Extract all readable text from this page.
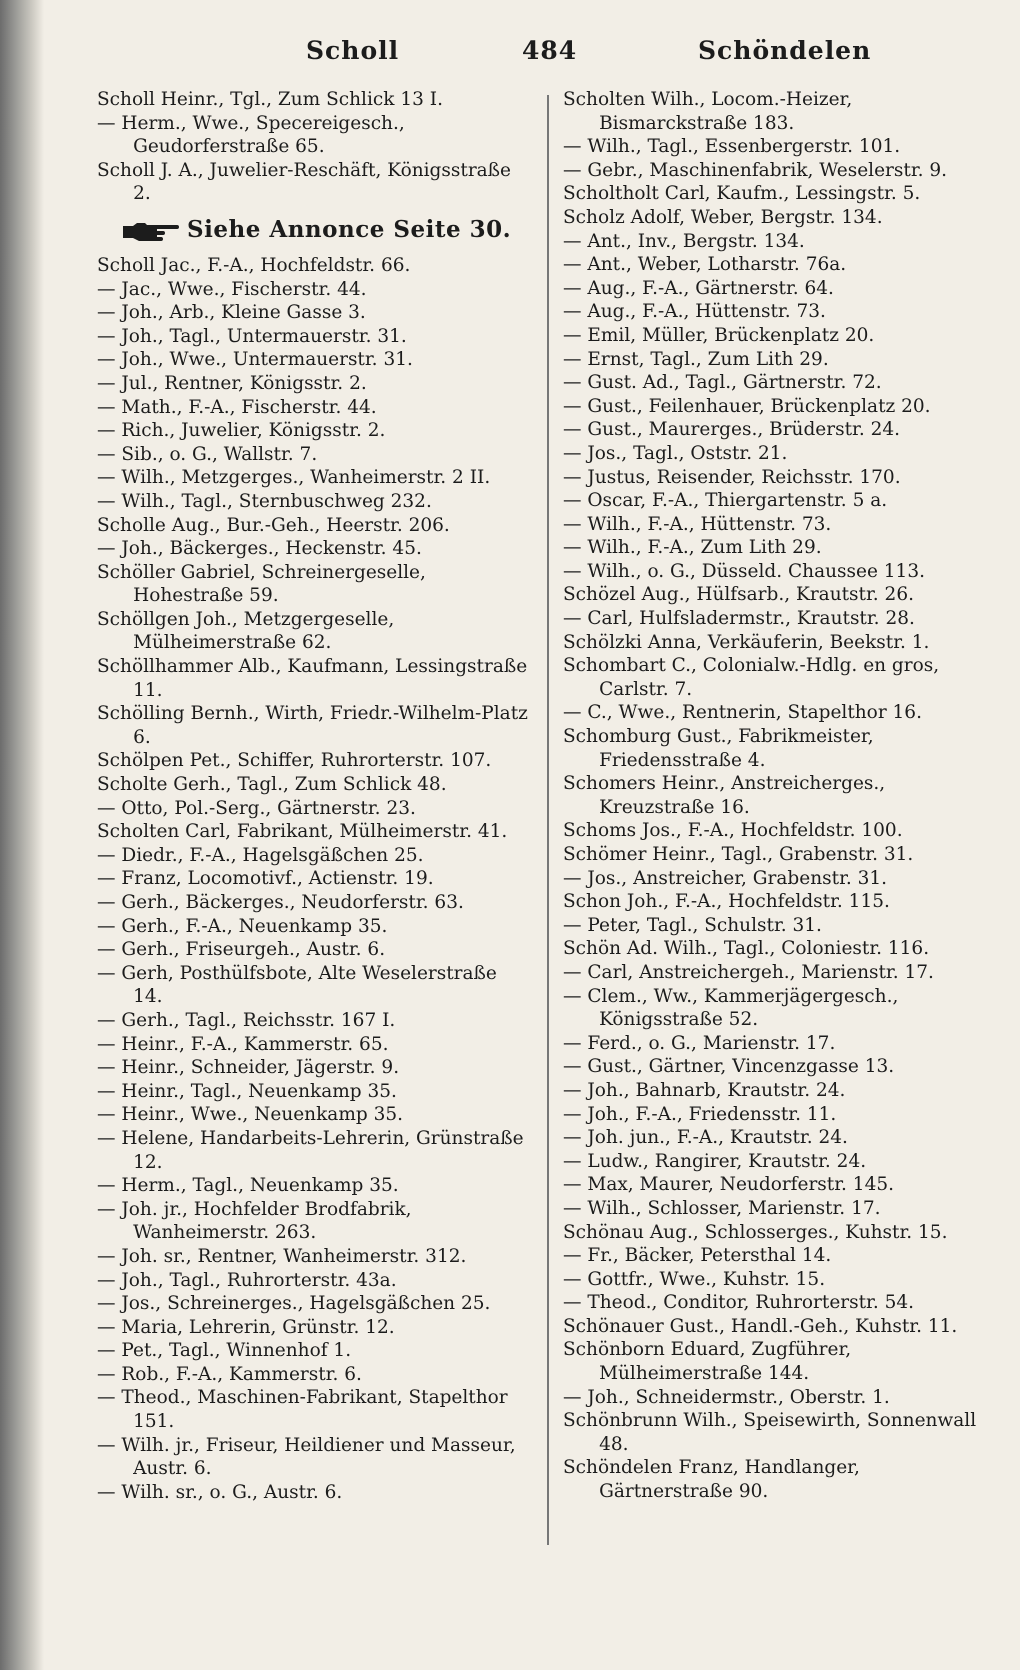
Scholl	484	Schöndelen

Scholl Heinr., Tgl., Zum Schlick 13 I.

— Herm., Wwe., Specereigesch., Geudorferstraße 65.

Scholl J. A., Juwelier-Reschäft, Königsstraße 2.

Siehe Annonce Seite 30.

Scholl Jac., F.-A., Hochfeldstr. 66.

— Jac., Wwe., Fischerstr. 44.

— Joh., Arb., Kleine Gasse 3.

— Joh., Tagl., Untermauerstr. 31.

— Joh., Wwe., Untermauerstr. 31.

— Jul., Rentner, Königsstr. 2.

— Math., F.-A., Fischerstr. 44.

— Rich., Juwelier, Königsstr. 2.

— Sib., o. G., Wallstr. 7.

— Wilh., Metzgerges., Wanheimerstr. 2 II.

— Wilh., Tagl., Sternbuschweg 232.

Scholle Aug., Bur.-Geh., Heerstr. 206.

— Joh., Bäckerges., Heckenstr. 45.

Schöller Gabriel, Schreinergeselle, Hohestraße 59.

Schöllgen Joh., Metzgergeselle, Mülheimerstraße 62.

Schöllhammer Alb., Kaufmann, Lessingstraße 11.

Schölling Bernh., Wirth, Friedr.-Wilhelm-Platz 6.

Schölpen Pet., Schiffer, Ruhrorterstr. 107.

Scholte Gerh., Tagl., Zum Schlick 48.

— Otto, Pol.-Serg., Gärtnerstr. 23.

Scholten Carl, Fabrikant, Mülheimerstr. 41.

— Diedr., F.-A., Hagelsgäßchen 25.

— Franz, Locomotivf., Actienstr. 19.

— Gerh., Bäckerges., Neudorferstr. 63.

— Gerh., F.-A., Neuenkamp 35.

— Gerh., Friseurgeh., Austr. 6.

— Gerh, Posthülfsbote, Alte Weselerstraße 14.

— Gerh., Tagl., Reichsstr. 167 I.

— Heinr., F.-A., Kammerstr. 65.

— Heinr., Schneider, Jägerstr. 9.

— Heinr., Tagl., Neuenkamp 35.

— Heinr., Wwe., Neuenkamp 35.

— Helene, Handarbeits-Lehrerin, Grünstraße 12.

— Herm., Tagl., Neuenkamp 35.

— Joh. jr., Hochfelder Brodfabrik, Wanheimerstr. 263.

— Joh. sr., Rentner, Wanheimerstr. 312.

— Joh., Tagl., Ruhrorterstr. 43a.

— Jos., Schreinerges., Hagelsgäßchen 25.

— Maria, Lehrerin, Grünstr. 12.

— Pet., Tagl., Winnenhof 1.

— Rob., F.-A., Kammerstr. 6.

— Theod., Maschinen-Fabrikant, Stapelthor 151.

— Wilh. jr., Friseur, Heildiener und Masseur, Austr. 6.

— Wilh. sr., o. G., Austr. 6.

Scholten Wilh., Locom.-Heizer, Bismarckstraße 183.

— Wilh., Tagl., Essenbergerstr. 101.

— Gebr., Maschinenfabrik, Weselerstr. 9.

Scholtholt Carl, Kaufm., Lessingstr. 5.

Scholz Adolf, Weber, Bergstr. 134.

— Ant., Inv., Bergstr. 134.

— Ant., Weber, Lotharstr. 76a.

— Aug., F.-A., Gärtnerstr. 64.

— Aug., F.-A., Hüttenstr. 73.

— Emil, Müller, Brückenplatz 20.

— Ernst, Tagl., Zum Lith 29.

— Gust. Ad., Tagl., Gärtnerstr. 72.

— Gust., Feilenhauer, Brückenplatz 20.

— Gust., Maurerges., Brüderstr. 24.

— Jos., Tagl., Oststr. 21.

— Justus, Reisender, Reichsstr. 170.

— Oscar, F.-A., Thiergartenstr. 5 a.

— Wilh., F.-A., Hüttenstr. 73.

— Wilh., F.-A., Zum Lith 29.

— Wilh., o. G., Düsseld. Chaussee 113.

Schözel Aug., Hülfsarb., Krautstr. 26.

— Carl, Hulfsladermstr., Krautstr. 28.

Schölzki Anna, Verkäuferin, Beekstr. 1.

Schombart C., Colonialw.-Hdlg. en gros, Carlstr. 7.

— C., Wwe., Rentnerin, Stapelthor 16.

Schomburg Gust., Fabrikmeister, Friedensstraße 4.

Schomers Heinr., Anstreicherges., Kreuzstraße 16.

Schoms Jos., F.-A., Hochfeldstr. 100.

Schömer Heinr., Tagl., Grabenstr. 31.

— Jos., Anstreicher, Grabenstr. 31.

Schon Joh., F.-A., Hochfeldstr. 115.

— Peter, Tagl., Schulstr. 31.

Schön Ad. Wilh., Tagl., Coloniestr. 116.

— Carl, Anstreichergeh., Marienstr. 17.

— Clem., Ww., Kammerjägergesch., Königsstraße 52.

— Ferd., o. G., Marienstr. 17.

— Gust., Gärtner, Vincenzgasse 13.

— Joh., Bahnarb, Krautstr. 24.

— Joh., F.-A., Friedensstr. 11.

— Joh. jun., F.-A., Krautstr. 24.

— Ludw., Rangirer, Krautstr. 24.

— Max, Maurer, Neudorferstr. 145.

— Wilh., Schlosser, Marienstr. 17.

Schönau Aug., Schlosserges., Kuhstr. 15.

— Fr., Bäcker, Petersthal 14.

— Gottfr., Wwe., Kuhstr. 15.

— Theod., Conditor, Ruhrorterstr. 54.

Schönauer Gust., Handl.-Geh., Kuhstr. 11.

Schönborn Eduard, Zugführer, Mülheimerstraße 144.

— Joh., Schneidermstr., Oberstr. 1.

Schönbrunn Wilh., Speisewirth, Sonnenwall 48.

Schöndelen Franz, Handlanger, Gärtnerstraße 90.
